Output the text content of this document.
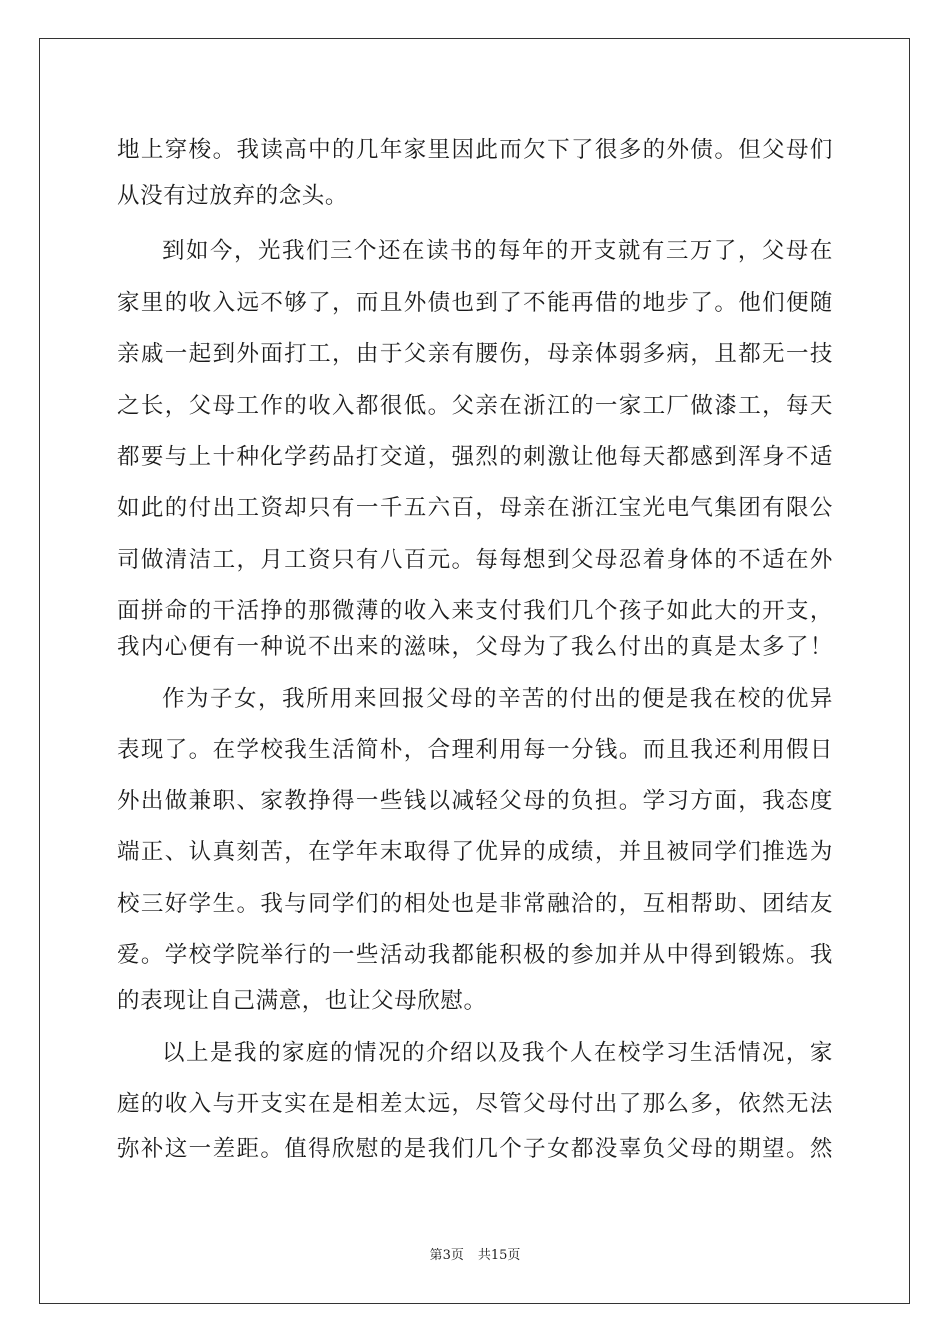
地上穿梭。我读高中的几年家里因此而欠下了很多的外债。但父母们
从没有过放弃的念头。
到如今，光我们三个还在读书的每年的开支就有三万了，父母在
家里的收入远不够了，而且外债也到了不能再借的地步了。他们便随
亲戚一起到外面打工，由于父亲有腰伤，母亲体弱多病，且都无一技
之长，父母工作的收入都很低。父亲在浙江的一家工厂做漆工，每天
都要与上十种化学药品打交道，强烈的刺激让他每天都感到浑身不适
如此的付出工资却只有一千五六百，母亲在浙江宝光电气集团有限公
司做清洁工，月工资只有八百元。每每想到父母忍着身体的不适在外
面拼命的干活挣的那微薄的收入来支付我们几个孩子如此大的开支，
我内心便有一种说不出来的滋味，父母为了我么付出的真是太多了！
作为子女，我所用来回报父母的辛苦的付出的便是我在校的优异
表现了。在学校我生活简朴，合理利用每一分钱。而且我还利用假日
外出做兼职、家教挣得一些钱以减轻父母的负担。学习方面，我态度
端正、认真刻苦，在学年末取得了优异的成绩，并且被同学们推选为
校三好学生。我与同学们的相处也是非常融洽的，互相帮助、团结友
爱。学校学院举行的一些活动我都能积极的参加并从中得到锻炼。我
的表现让自己满意，也让父母欣慰。
以上是我的家庭的情况的介绍以及我个人在校学习生活情况，家
庭的收入与开支实在是相差太远，尽管父母付出了那么多，依然无法
弥补这一差距。值得欣慰的是我们几个子女都没辜负父母的期望。然
第3页 共15页
